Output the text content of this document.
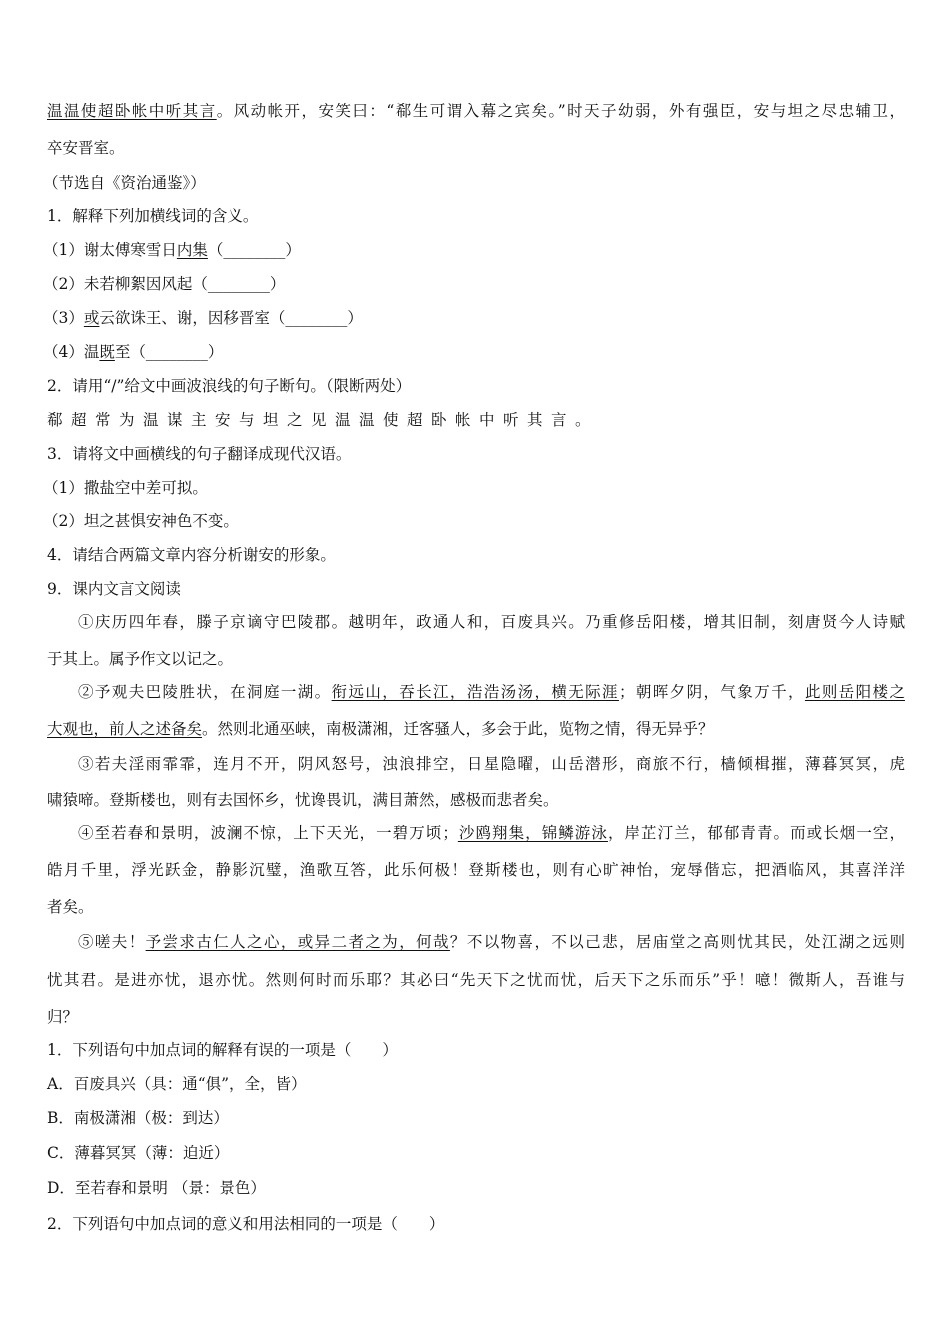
温温使超卧帐中听其言。风动帐开，安笑曰：“郗生可谓入幕之宾矣。”时天子幼弱，外有强臣，安与坦之尽忠辅卫，
卒安晋室。
（节选自《资治通鉴》）
1．解释下列加横线词的含义。
（1）谢太傅寒雪日内集（________）
（2）未若柳絮因风起（________）
（3）或云欲诛王、谢，因移晋室（________）
（4）温既至（________）
2．请用“/”给文中画波浪线的句子断句。（限断两处）
郗超常为温谋主安与坦之见温温使超卧帐中听其言。
3．请将文中画横线的句子翻译成现代汉语。
（1）撒盐空中差可拟。
（2）坦之甚惧安神色不变。
4．请结合两篇文章内容分析谢安的形象。
9．课内文言文阅读
①庆历四年春，滕子京谪守巴陵郡。越明年，政通人和，百废具兴。乃重修岳阳楼，增其旧制，刻唐贤今人诗赋
于其上。属予作文以记之。
②予观夫巴陵胜状，在洞庭一湖。衔远山，吞长江，浩浩汤汤，横无际涯；朝晖夕阴，气象万千，此则岳阳楼之
大观也，前人之述备矣。然则北通巫峡，南极潇湘，迁客骚人，多会于此，览物之情，得无异乎？
③若夫淫雨霏霏，连月不开，阴风怒号，浊浪排空，日星隐曜，山岳潜形，商旅不行，樯倾楫摧，薄暮冥冥，虎
啸猿啼。登斯楼也，则有去国怀乡，忧谗畏讥，满目萧然，感极而悲者矣。
④至若春和景明，波澜不惊，上下天光，一碧万顷；沙鸥翔集，锦鳞游泳，岸芷汀兰，郁郁青青。而或长烟一空，
皓月千里，浮光跃金，静影沉璧，渔歌互答，此乐何极！登斯楼也，则有心旷神怡，宠辱偕忘，把酒临风，其喜洋洋
者矣。
⑤嗟夫！予尝求古仁人之心，或异二者之为，何哉？不以物喜，不以己悲，居庙堂之高则忧其民，处江湖之远则
忧其君。是进亦忧，退亦忧。然则何时而乐耶？其必曰“先天下之忧而忧，后天下之乐而乐”乎！噫！微斯人，吾谁与
归？
1．下列语句中加点词的解释有误的一项是（　　）
A．百废具兴（具：通“俱”，全，皆）
B．南极潇湘（极：到达）
C．薄暮冥冥（薄：迫近）
D．至若春和景明 （景：景色）
2．下列语句中加点词的意义和用法相同的一项是（　　）
